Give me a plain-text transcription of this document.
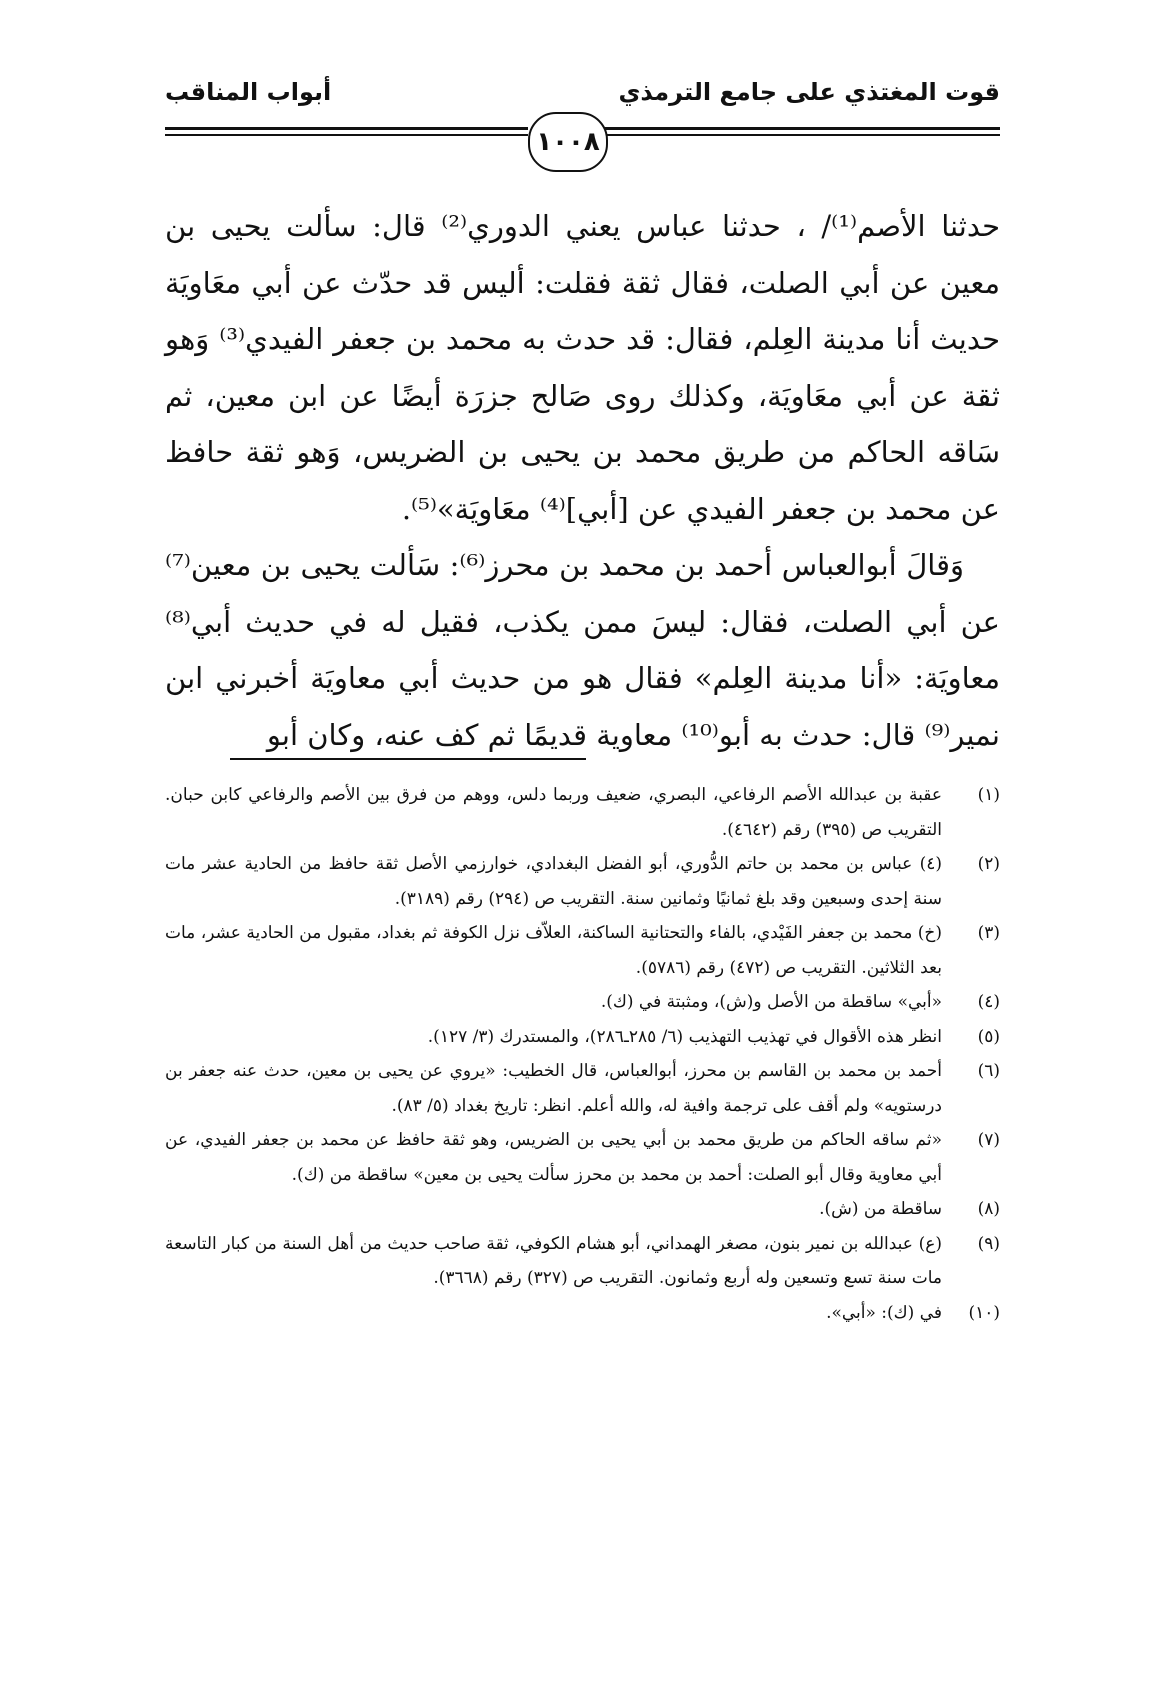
قوت المغتذي على جامع الترمذي
أبواب المناقب
١٠٠٨

حدثنا الأصم⁽¹⁾/ ، حدثنا عباس يعني الدوري⁽²⁾ قال: سألت يحيى بن معين عن أبي الصلت، فقال ثقة فقلت: أليس قد حدّث عن أبي معَاويَة حديث أنا مدينة العِلم، فقال: قد حدث به محمد بن جعفر الفيدي⁽³⁾ وَهو ثقة عن أبي معَاويَة، وكذلك روى صَالح جزرَة أيضًا عن ابن معين، ثم سَاقه الحاكم من طريق محمد بن يحيى بن الضريس، وَهو ثقة حافظ عن محمد بن جعفر الفيدي عن [أبي]⁽⁴⁾ معَاويَة»⁽⁵⁾.

وَقالَ أبوالعباس أحمد بن محمد بن محرز⁽⁶⁾: سَألت يحيى بن معين⁽⁷⁾ عن أبي الصلت، فقال: ليسَ ممن يكذب، فقيل له في حديث أبي⁽⁸⁾ معاويَة: «أنا مدينة العِلم» فقال هو من حديث أبي معاويَة أخبرني ابن نمير⁽⁹⁾ قال: حدث به أبو⁽¹⁰⁾ معاوية قديمًا ثم كف عنه، وكان أبو

(١)
عقبة بن عبدالله الأصم الرفاعي، البصري، ضعيف وربما دلس، ووهم من فرق بين الأصم والرفاعي كابن حبان. التقريب ص (٣٩٥) رقم (٤٦٤٢).
(٢)
(٤) عباس بن محمد بن حاتم الدُّوري، أبو الفضل البغدادي، خوارزمي الأصل ثقة حافظ من الحادية عشر مات سنة إحدى وسبعين وقد بلغ ثمانيًا وثمانين سنة. التقريب ص (٢٩٤) رقم (٣١٨٩).
(٣)
(خ) محمد بن جعفر الفَيْدي، بالفاء والتحتانية الساكنة، العلاّف نزل الكوفة ثم بغداد، مقبول من الحادية عشر، مات بعد الثلاثين. التقريب ص (٤٧٢) رقم (٥٧٨٦).
(٤)
«أبي» ساقطة من الأصل و(ش)، ومثبتة في (ك).
(٥)
انظر هذه الأقوال في تهذيب التهذيب (٦/ ٢٨٥ـ٢٨٦)، والمستدرك (٣/ ١٢٧).
(٦)
أحمد بن محمد بن القاسم بن محرز، أبوالعباس، قال الخطيب: «يروي عن يحيى بن معين، حدث عنه جعفر بن درستويه» ولم أقف على ترجمة وافية له، والله أعلم. انظر: تاريخ بغداد (٥/ ٨٣).
(٧)
«ثم ساقه الحاكم من طريق محمد بن أبي يحيى بن الضريس، وهو ثقة حافظ عن محمد بن جعفر الفيدي، عن أبي معاوية وقال أبو الصلت: أحمد بن محمد بن محرز سألت يحيى بن معين» ساقطة من (ك).
(٨)
ساقطة من (ش).
(٩)
(ع) عبدالله بن نمير بنون، مصغر الهمداني، أبو هشام الكوفي، ثقة صاحب حديث من أهل السنة من كبار التاسعة مات سنة تسع وتسعين وله أربع وثمانون. التقريب ص (٣٢٧) رقم (٣٦٦٨).
(١٠)
في (ك): «أبي».
